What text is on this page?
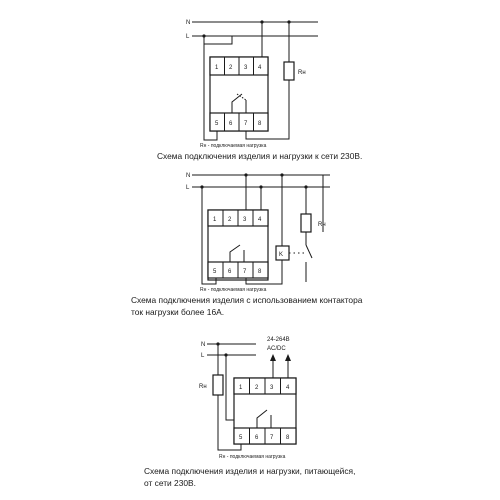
N
L
1 2 3 4
5 6 7 8
Rн
Rн - подключаемая нагрузка
N
L
1 2 3 4
5 6 7 8
K
Rн
Rн - подключаемая нагрузка
N
L
24-264В
AC/DC
1 2 3 4
5 6 7 8
Rн
Rн - подключаемая нагрузка
Схема подключения изделия и нагрузки к сети 230В.
Схема подключения изделия с использованием контактора
ток нагрузки более 16А.
Схема подключения изделия и нагрузки, питающейся,
от сети 230В.
